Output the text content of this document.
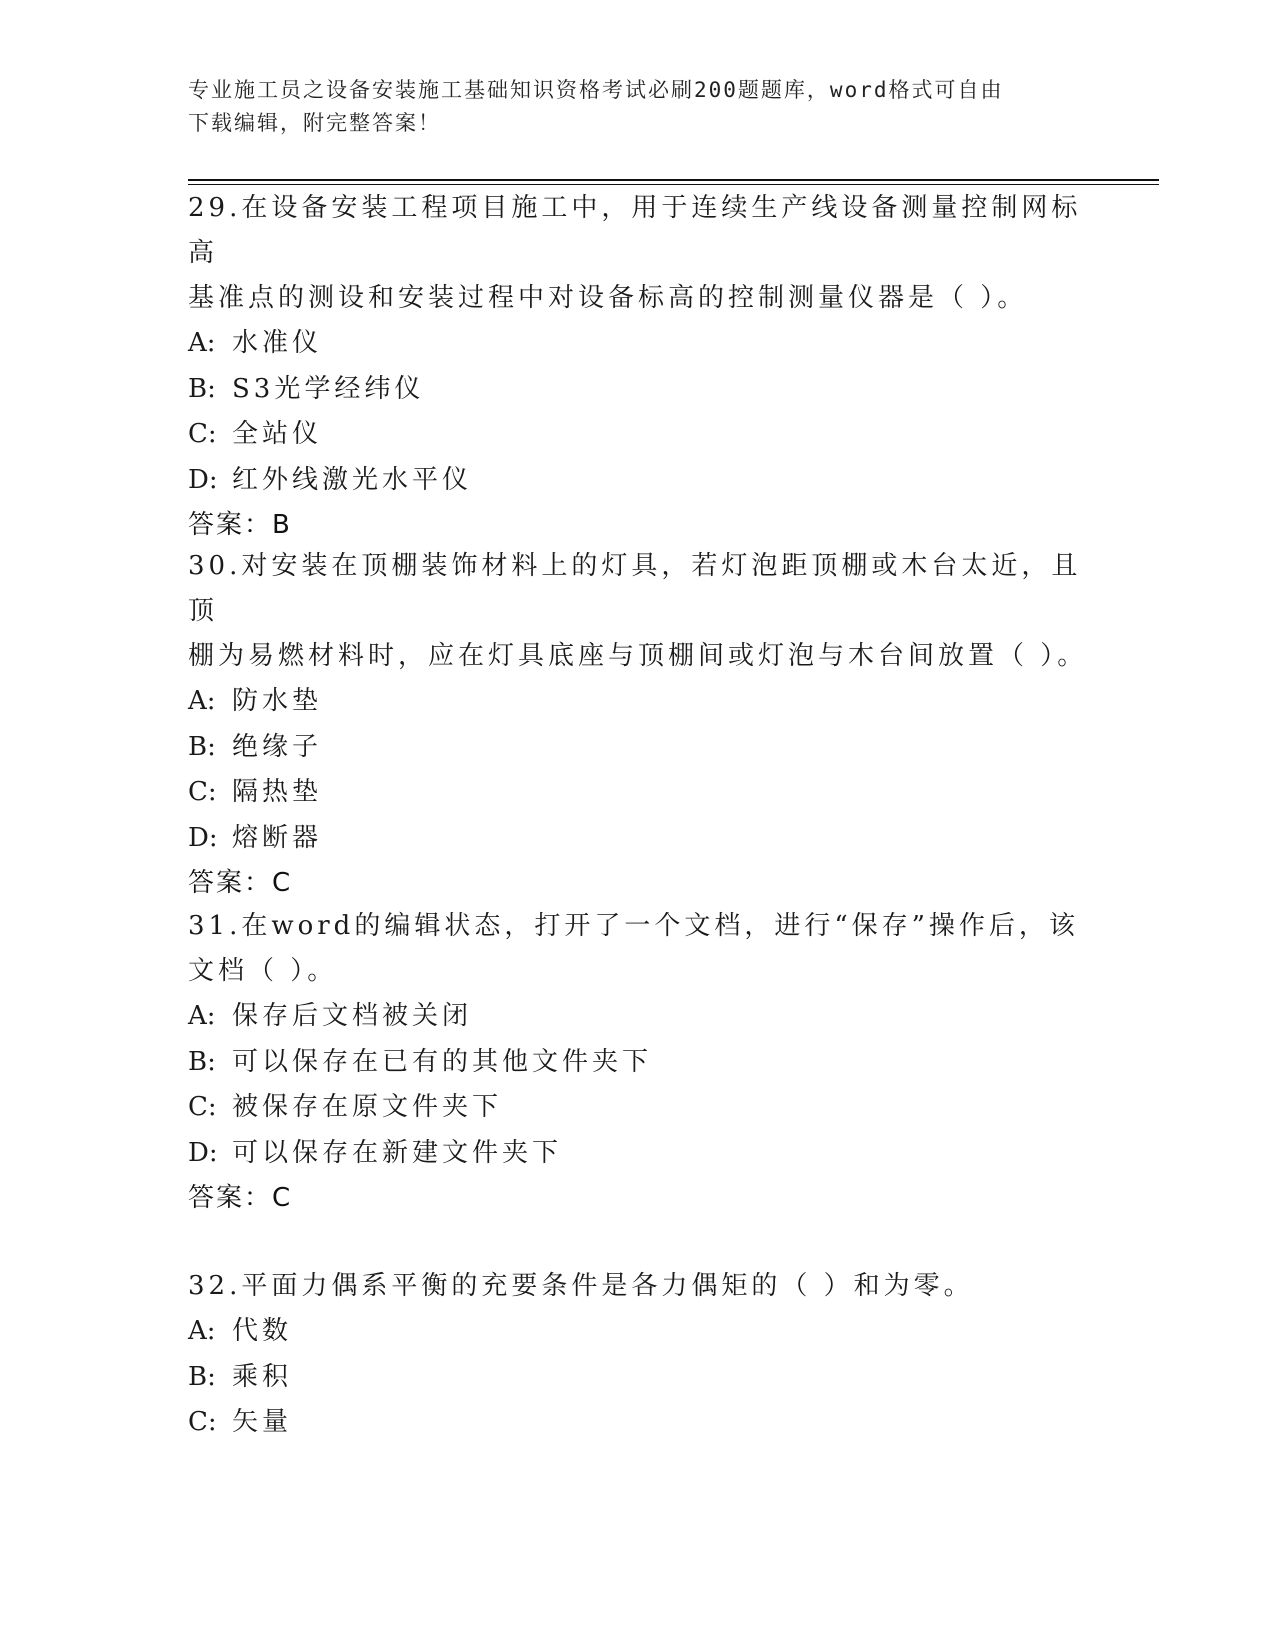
专业施工员之设备安装施工基础知识资格考试必刷200题题库，word格式可自由
下载编辑，附完整答案！

29.在设备安装工程项目施工中，用于连续生产线设备测量控制网标高

基准点的测设和安装过程中对设备标高的控制测量仪器是（ ）。

A: 水准仪

B: S3光学经纬仪

C: 全站仪

D: 红外线激光水平仪

答案：B

30.对安装在顶棚装饰材料上的灯具，若灯泡距顶棚或木台太近，且顶

棚为易燃材料时，应在灯具底座与顶棚间或灯泡与木台间放置（ ）。

A: 防水垫

B: 绝缘子

C: 隔热垫

D: 熔断器

答案：C

31.在word的编辑状态，打开了一个文档，进行“保存”操作后，该

文档（ ）。

A: 保存后文档被关闭

B: 可以保存在已有的其他文件夹下

C: 被保存在原文件夹下

D: 可以保存在新建文件夹下

答案：C

32.平面力偶系平衡的充要条件是各力偶矩的（ ）和为零。

A: 代数

B: 乘积

C: 矢量
